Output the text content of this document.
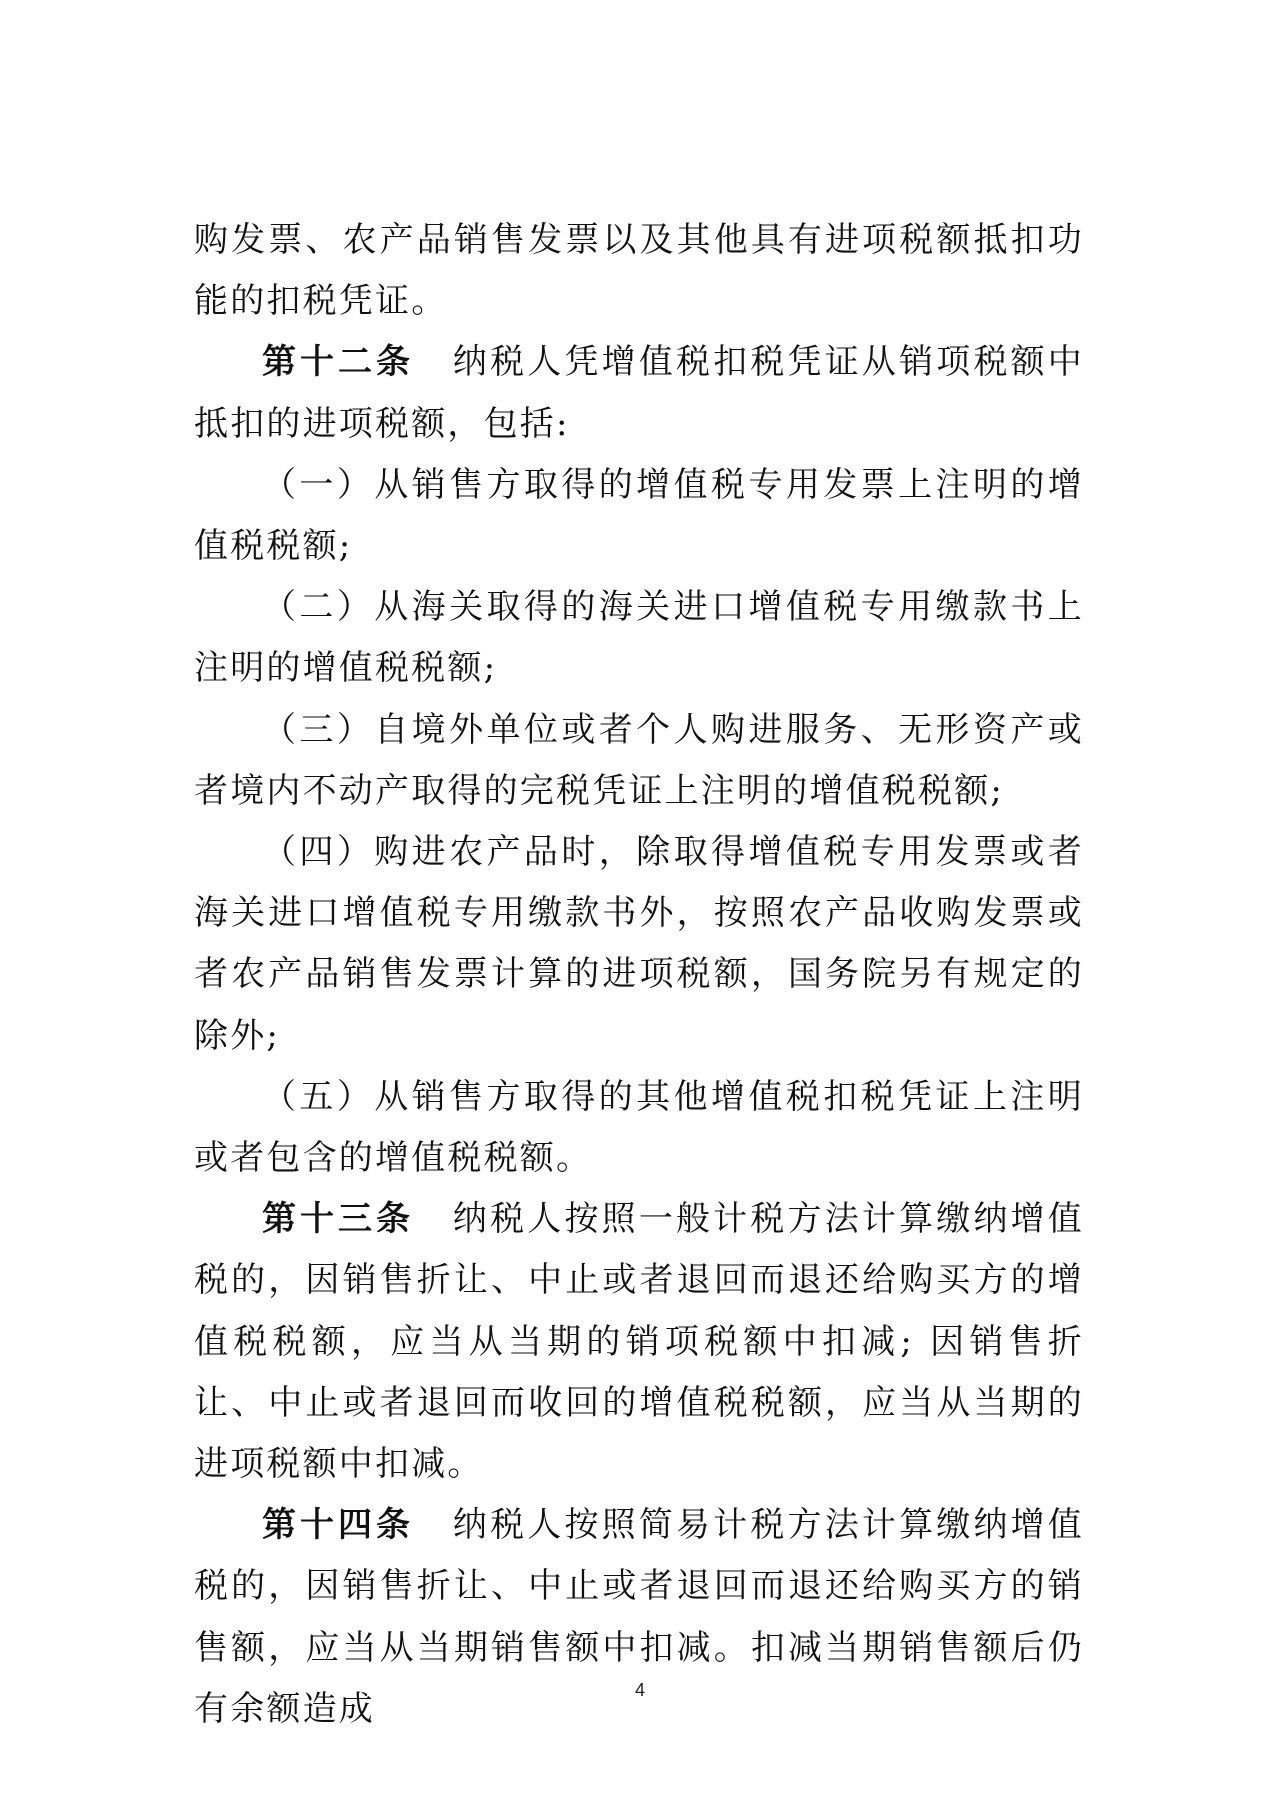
购发票、农产品销售发票以及其他具有进项税额抵扣功能的扣税凭证。

第十二条 纳税人凭增值税扣税凭证从销项税额中抵扣的进项税额，包括:

（一）从销售方取得的增值税专用发票上注明的增值税税额;

（二）从海关取得的海关进口增值税专用缴款书上注明的增值税税额;

（三）自境外单位或者个人购进服务、无形资产或者境内不动产取得的完税凭证上注明的增值税税额;

（四）购进农产品时，除取得增值税专用发票或者海关进口增值税专用缴款书外，按照农产品收购发票或者农产品销售发票计算的进项税额，国务院另有规定的除外;

（五）从销售方取得的其他增值税扣税凭证上注明或者包含的增值税税额。

第十三条 纳税人按照一般计税方法计算缴纳增值税的，因销售折让、中止或者退回而退还给购买方的增值税税额，应当从当期的销项税额中扣减; 因销售折让、中止或者退回而收回的增值税税额，应当从当期的进项税额中扣减。

第十四条 纳税人按照简易计税方法计算缴纳增值税的，因销售折让、中止或者退回而退还给购买方的销售额，应当从当期销售额中扣减。扣减当期销售额后仍有余额造成	4
